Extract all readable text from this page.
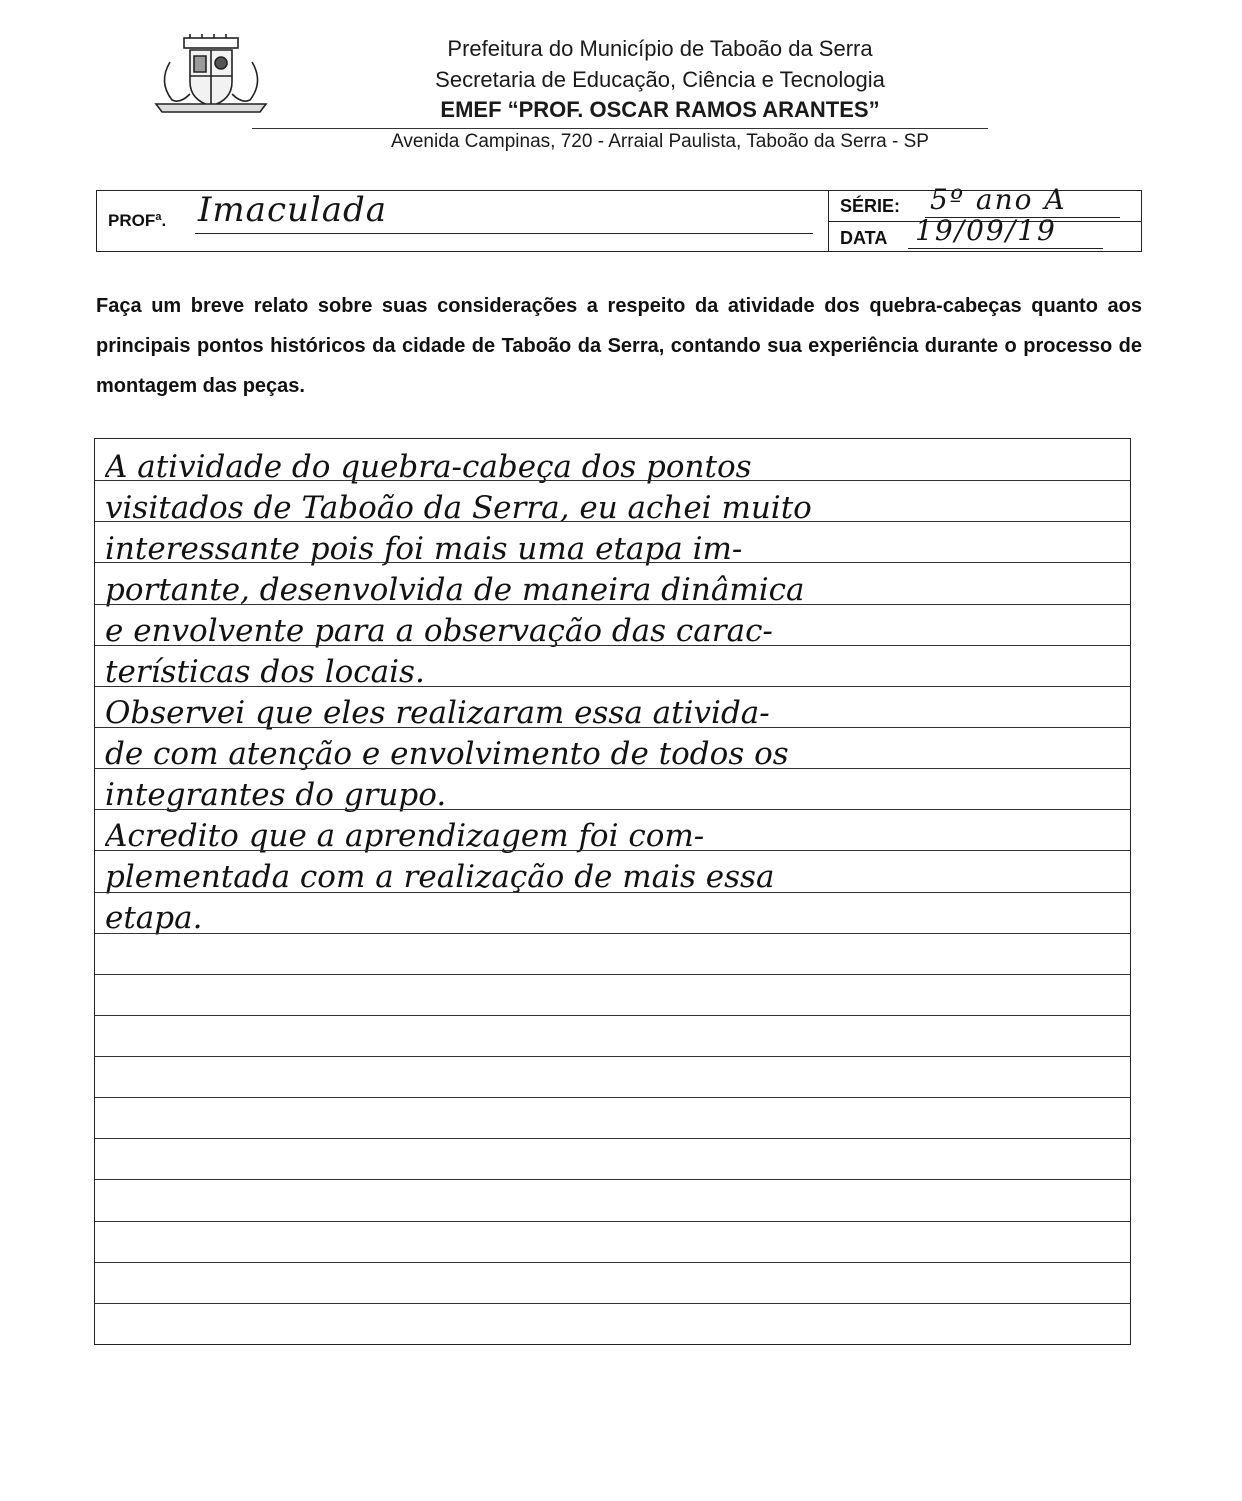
Prefeitura do Município de Taboão da Serra
Secretaria de Educação, Ciência e Tecnologia
EMEF “PROF. OSCAR RAMOS ARANTES”
Avenida Campinas, 720 - Arraial Paulista, Taboão da Serra - SP
PROFª. Imaculada	SÉRIE: 5º ano A
DATA 19/09/19
Faça um breve relato sobre suas considerações a respeito da atividade dos quebra-cabeças quanto aos principais pontos históricos da cidade de Taboão da Serra, contando sua experiência durante o processo de montagem das peças.
A atividade do quebra-cabeça dos pontos
visitados de Taboão da Serra, eu achei muito
interessante pois foi mais uma etapa im-
portante, desenvolvida de maneira dinâmica
e envolvente para a observação das carac-
terísticas dos locais.
Observei que eles realizaram essa ativida-
de com atenção e envolvimento de todos os
integrantes do grupo.
Acredito que a aprendizagem foi com-
plementada com a realização de mais essa
etapa.
